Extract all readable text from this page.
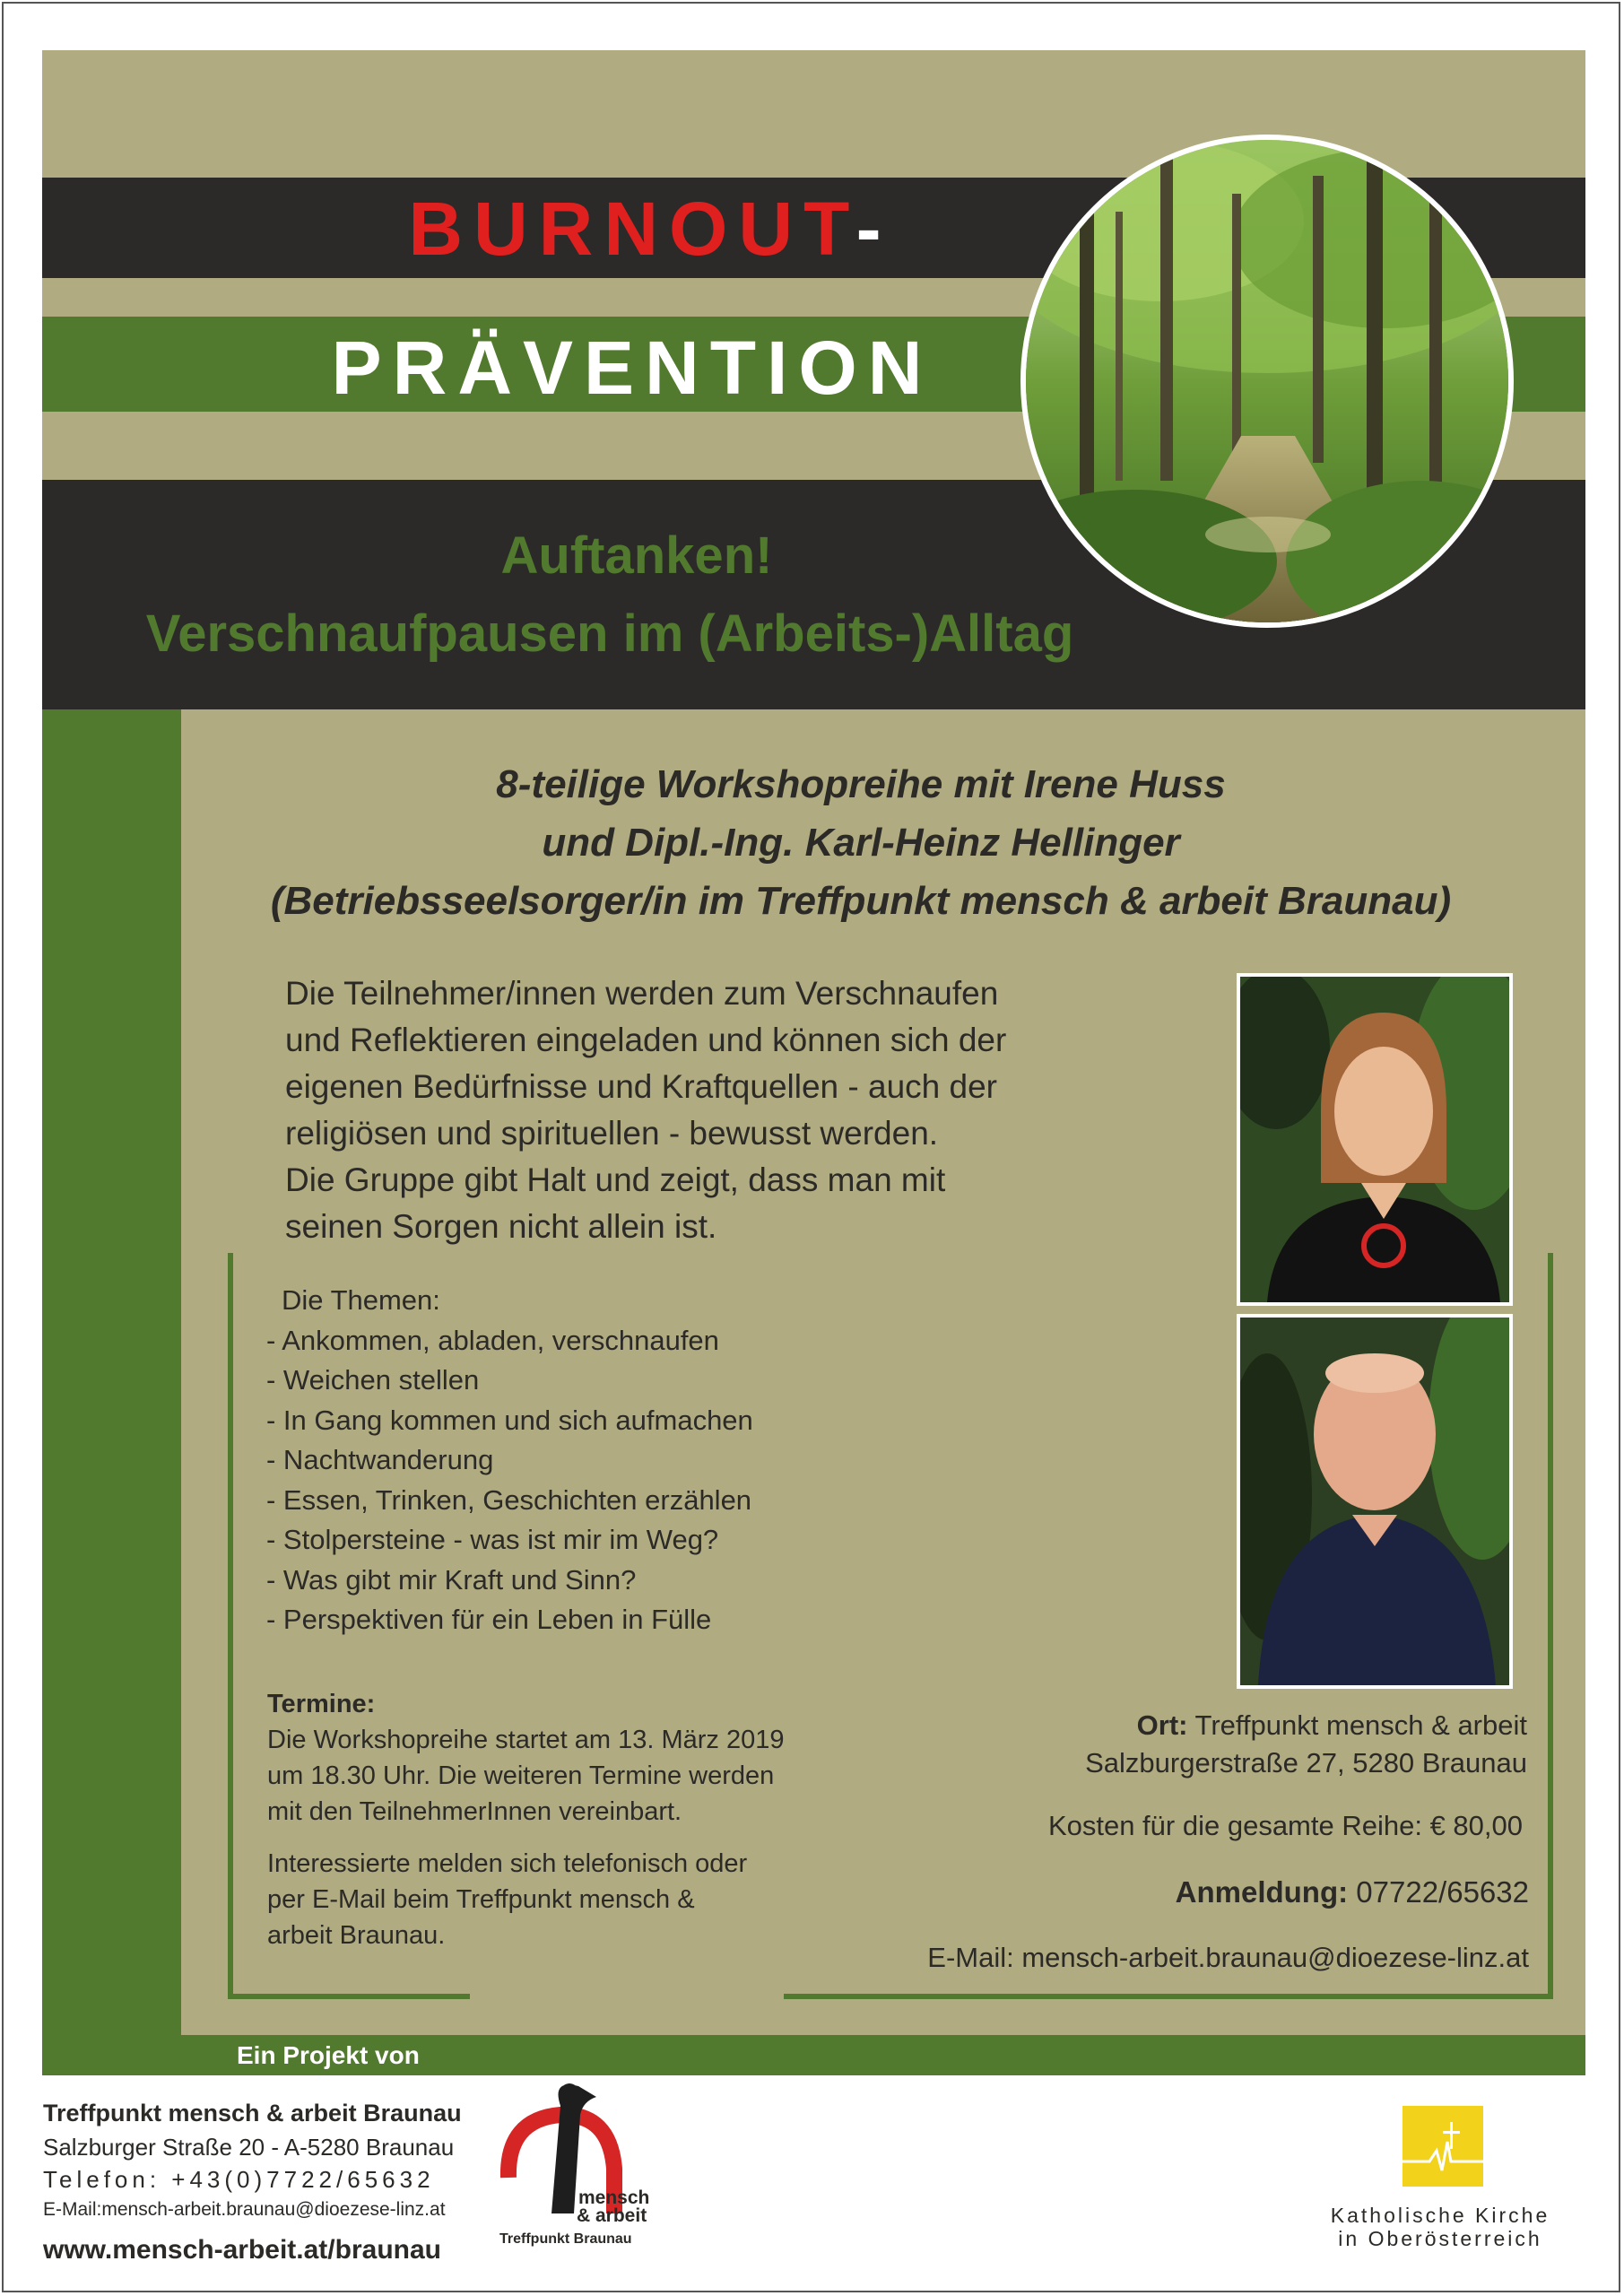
BURNOUT-
PRÄVENTION
Auftanken!
Verschnaufpausen im (Arbeits-)Alltag
8-teilige Workshopreihe mit Irene Huss
und Dipl.-Ing. Karl-Heinz Hellinger
(Betriebsseelsorger/in im Treffpunkt mensch & arbeit Braunau)
Die Teilnehmer/innen werden zum Verschnaufen
und Reflektieren eingeladen und können sich der
eigenen Bedürfnisse und Kraftquellen - auch der
religiösen und spirituellen - bewusst werden.
Die Gruppe gibt Halt und zeigt, dass man mit
seinen Sorgen nicht allein ist.
Die Themen:
- Ankommen, abladen, verschnaufen
- Weichen stellen
- In Gang kommen und sich aufmachen
- Nachtwanderung
- Essen, Trinken, Geschichten erzählen
- Stolpersteine - was ist mir im Weg?
- Was gibt mir Kraft und Sinn?
- Perspektiven für ein Leben in Fülle
Termine:
Die Workshopreihe startet am 13. März 2019
um 18.30 Uhr. Die weiteren Termine werden
mit den TeilnehmerInnen vereinbart.
Interessierte melden sich telefonisch oder
per E-Mail beim Treffpunkt mensch &
arbeit Braunau.
Ort: Treffpunkt mensch & arbeit
Salzburgerstraße 27, 5280 Braunau
Kosten für die gesamte Reihe: € 80,00
Anmeldung: 07722/65632
E-Mail: mensch-arbeit.braunau@dioezese-linz.at
Ein Projekt von
Treffpunkt mensch & arbeit Braunau
Salzburger Straße 20 - A-5280 Braunau
Telefon: +43(0)7722/65632
E-Mail:mensch-arbeit.braunau@dioezese-linz.at
www.mensch-arbeit.at/braunau
mensch
& arbeit
Treffpunkt Braunau
Katholische Kirche
in Oberösterreich
